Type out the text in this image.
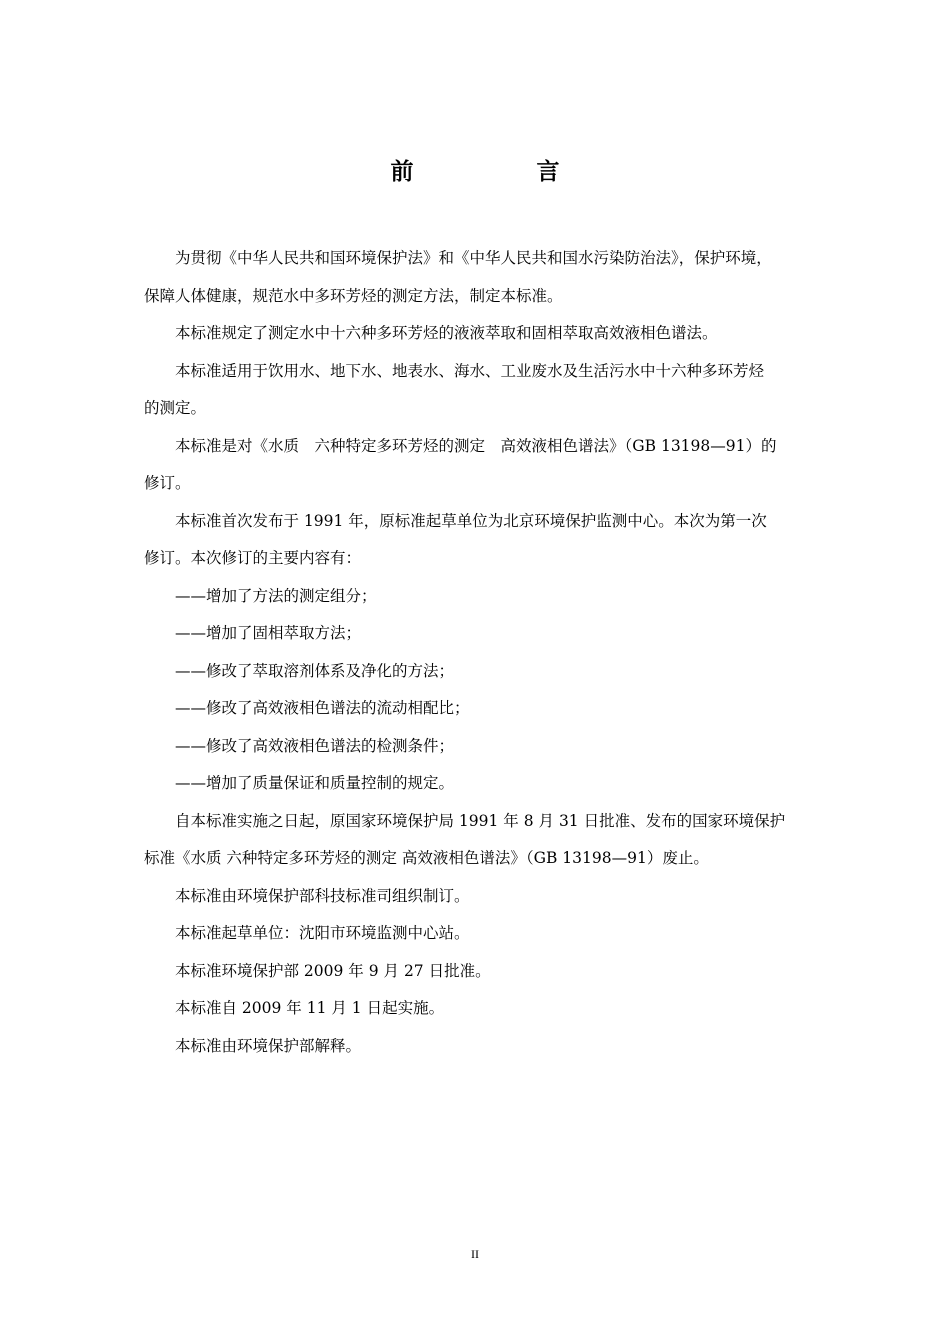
前　言

为贯彻《中华人民共和国环境保护法》和《中华人民共和国水污染防治法》，保护环境，
保障人体健康，规范水中多环芳烃的测定方法，制定本标准。

本标准规定了测定水中十六种多环芳烃的液液萃取和固相萃取高效液相色谱法。

本标准适用于饮用水、地下水、地表水、海水、工业废水及生活污水中十六种多环芳烃
的测定。

本标准是对《水质　六种特定多环芳烃的测定　高效液相色谱法》（GB 13198—91）的
修订。

本标准首次发布于 1991 年，原标准起草单位为北京环境保护监测中心。本次为第一次
修订。本次修订的主要内容有：

——增加了方法的测定组分；

——增加了固相萃取方法；

——修改了萃取溶剂体系及净化的方法；

——修改了高效液相色谱法的流动相配比；

——修改了高效液相色谱法的检测条件；

——增加了质量保证和质量控制的规定。

自本标准实施之日起，原国家环境保护局 1991 年 8 月 31 日批准、发布的国家环境保护
标准《水质 六种特定多环芳烃的测定 高效液相色谱法》（GB 13198—91）废止。

本标准由环境保护部科技标准司组织制订。

本标准起草单位：沈阳市环境监测中心站。

本标准环境保护部 2009 年 9 月 27 日批准。

本标准自 2009 年 11 月 1 日起实施。

本标准由环境保护部解释。

II
